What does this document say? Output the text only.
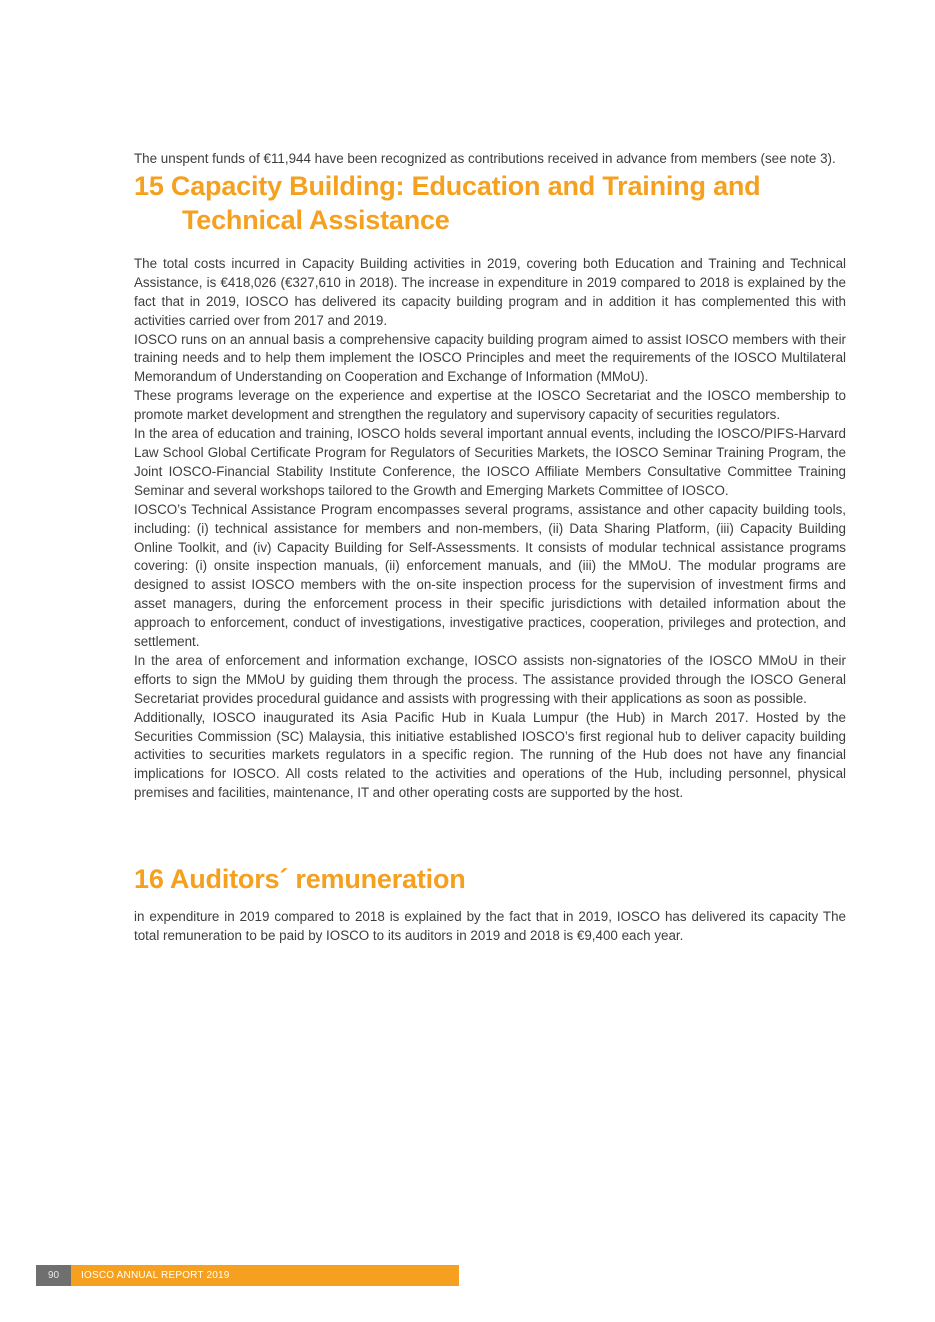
The unspent funds of €11,944 have been recognized as contributions received in advance from members (see note 3).

15 Capacity Building: Education and Training and
Technical Assistance

The total costs incurred in Capacity Building activities in 2019, covering both Education and Training and Technical Assistance, is €418,026 (€327,610 in 2018). The increase in expenditure in 2019 compared to 2018 is explained by the fact that in 2019, IOSCO has delivered its capacity building program and in addition it has complemented this with activities carried over from 2017 and 2019.

IOSCO runs on an annual basis a comprehensive capacity building program aimed to assist IOSCO members with their training needs and to help them implement the IOSCO Principles and meet the requirements of the IOSCO Multilateral Memorandum of Understanding on Cooperation and Exchange of Information (MMoU).

These programs leverage on the experience and expertise at the IOSCO Secretariat and the IOSCO membership to promote market development and strengthen the regulatory and supervisory capacity of securities regulators.

In the area of education and training, IOSCO holds several important annual events, including the IOSCO/PIFS-Harvard Law School Global Certificate Program for Regulators of Securities Markets, the IOSCO Seminar Training Program, the Joint IOSCO-Financial Stability Institute Conference, the IOSCO Affiliate Members Consultative Committee Training Seminar and several workshops tailored to the Growth and Emerging Markets Committee of IOSCO.

IOSCO’s Technical Assistance Program encompasses several programs, assistance and other capacity building tools, including: (i) technical assistance for members and non-members, (ii) Data Sharing Platform, (iii) Capacity Building Online Toolkit, and (iv) Capacity Building for Self-Assessments. It consists of modular technical assistance programs covering: (i) onsite inspection manuals, (ii) enforcement manuals, and (iii) the MMoU. The modular programs are designed to assist IOSCO members with the on-site inspection process for the supervision of investment firms and asset managers, during the enforcement process in their specific jurisdictions with detailed information about the approach to enforcement, conduct of investigations, investigative practices, cooperation, privileges and protection, and settlement.

In the area of enforcement and information exchange, IOSCO assists non-signatories of the IOSCO MMoU in their efforts to sign the MMoU by guiding them through the process. The assistance provided through the IOSCO General Secretariat provides procedural guidance and assists with progressing with their applications as soon as possible.

Additionally, IOSCO inaugurated its Asia Pacific Hub in Kuala Lumpur (the Hub) in March 2017. Hosted by the Securities Commission (SC) Malaysia, this initiative established IOSCO’s first regional hub to deliver capacity building activities to securities markets regulators in a specific region. The running of the Hub does not have any financial implications for IOSCO. All costs related to the activities and operations of the Hub, including personnel, physical premises and facilities, maintenance, IT and other operating costs are supported by the host.

16 Auditors´ remuneration

in expenditure in 2019 compared to 2018 is explained by the fact that in 2019, IOSCO has delivered its capacity The total remuneration to be paid by IOSCO to its auditors in 2019 and 2018 is €9,400 each year.

90	IOSCO ANNUAL REPORT 2019
